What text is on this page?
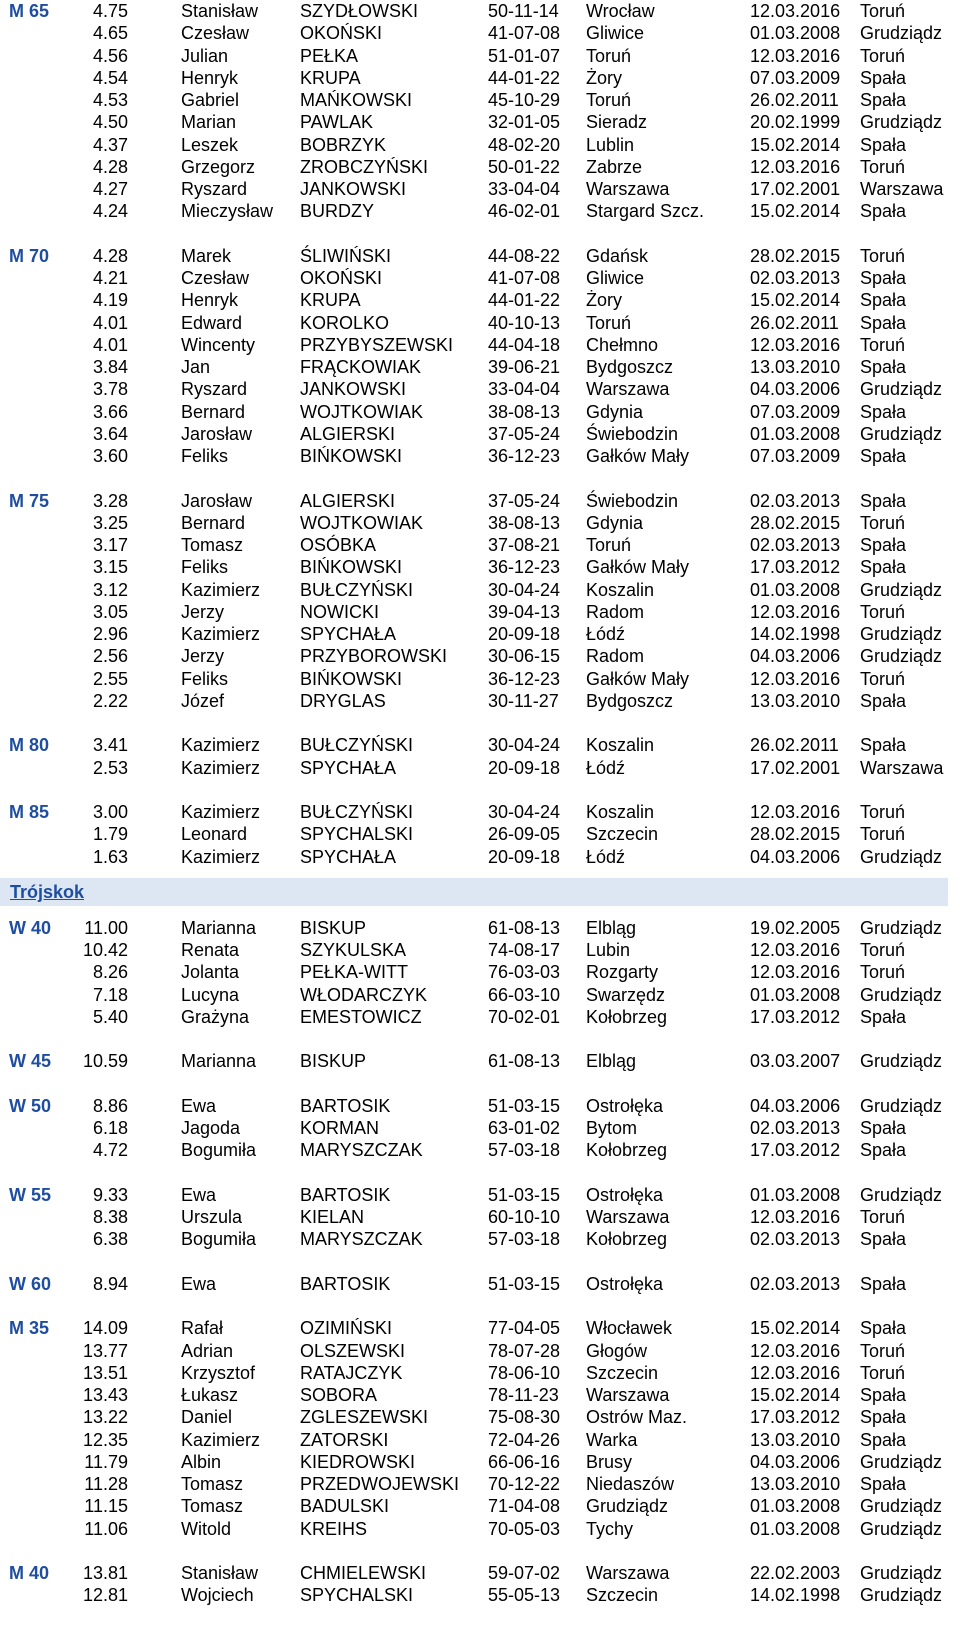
M 65	4.75	Stanisław SZYDŁOWSKI	50-11-14 Wrocław	12.03.2016 Toruń
4.65	Czesław	OKOŃSKI	41-07-08 Gliwice	01.03.2008 Grudziądz
4.56	Julian	PEŁKA	51-01-07 Toruń	12.03.2016 Toruń
4.54	Henryk	KRUPA	44-01-22 Żory	07.03.2009 Spała
4.53	Gabriel	MAŃKOWSKI	45-10-29 Toruń	26.02.2011 Spała
4.50	Marian	PAWLAK	32-01-05 Sieradz	20.02.1999 Grudziądz
4.37	Leszek	BOBRZYK	48-02-20 Lublin	15.02.2014 Spała
4.28	Grzegorz ZROBCZYŃSKI	50-01-22 Zabrze	12.03.2016 Toruń
4.27	Ryszard	JANKOWSKI	33-04-04 Warszawa	17.02.2001 Warszawa
4.24	Mieczysław BURDZY	46-02-01 Stargard Szcz.	15.02.2014 Spała
M 70	4.28	Marek	ŚLIWIŃSKI	44-08-22 Gdańsk	28.02.2015 Toruń
4.21	Czesław	OKOŃSKI	41-07-08 Gliwice	02.03.2013 Spała
4.19	Henryk	KRUPA	44-01-22 Żory	15.02.2014 Spała
4.01	Edward	KOROLKO	40-10-13 Toruń	26.02.2011 Spała
4.01	Wincenty PRZYBYSZEWSKI 44-04-18 Chełmno	12.03.2016 Toruń
3.84	Jan	FRĄCKOWIAK	39-06-21 Bydgoszcz	13.03.2010 Spała
3.78	Ryszard	JANKOWSKI	33-04-04 Warszawa	04.03.2006 Grudziądz
3.66	Bernard	WOJTKOWIAK	38-08-13 Gdynia	07.03.2009 Spała
3.64	Jarosław	ALGIERSKI	37-05-24 Świebodzin	01.03.2008 Grudziądz
3.60	Feliks	BIŃKOWSKI	36-12-23 Gałków Mały	07.03.2009 Spała
M 75	3.28	Jarosław	ALGIERSKI	37-05-24 Świebodzin	02.03.2013 Spała
3.25	Bernard	WOJTKOWIAK	38-08-13 Gdynia	28.02.2015 Toruń
3.17	Tomasz	OSÓBKA	37-08-21 Toruń	02.03.2013 Spała
3.15	Feliks	BIŃKOWSKI	36-12-23 Gałków Mały	17.03.2012 Spała
3.12	Kazimierz BUŁCZYŃSKI	30-04-24 Koszalin	01.03.2008 Grudziądz
3.05	Jerzy	NOWICKI	39-04-13 Radom	12.03.2016 Toruń
2.96	Kazimierz SPYCHAŁA	20-09-18 Łódź	14.02.1998 Grudziądz
2.56	Jerzy	PRZYBOROWSKI 30-06-15 Radom	04.03.2006 Grudziądz
2.55	Feliks	BIŃKOWSKI	36-12-23 Gałków Mały	12.03.2016 Toruń
2.22	Józef	DRYGLAS	30-11-27 Bydgoszcz	13.03.2010 Spała
M 80	3.41	Kazimierz BUŁCZYŃSKI	30-04-24 Koszalin	26.02.2011 Spała
2.53	Kazimierz SPYCHAŁA	20-09-18 Łódź	17.02.2001 Warszawa
M 85	3.00	Kazimierz BUŁCZYŃSKI	30-04-24 Koszalin	12.03.2016 Toruń
1.79	Leonard	SPYCHALSKI	26-09-05 Szczecin	28.02.2015 Toruń
1.63	Kazimierz SPYCHAŁA	20-09-18 Łódź	04.03.2006 Grudziądz
Trójskok
W 40	11.00	Marianna BISKUP	61-08-13 Elbląg	19.02.2005 Grudziądz
10.42	Renata	SZYKULSKA	74-08-17 Lubin	12.03.2016 Toruń
8.26	Jolanta	PEŁKA-WITT	76-03-03 Rozgarty	12.03.2016 Toruń
7.18	Lucyna	WŁODARCZYK	66-03-10 Swarzędz	01.03.2008 Grudziądz
5.40	Grażyna	EMESTOWICZ	70-02-01 Kołobrzeg	17.03.2012 Spała
W 45 10.59	Marianna BISKUP	61-08-13 Elbląg	03.03.2007 Grudziądz
W 50	8.86	Ewa	BARTOSIK	51-03-15 Ostrołęka	04.03.2006 Grudziądz
6.18	Jagoda	KORMAN	63-01-02 Bytom	02.03.2013 Spała
4.72	Bogumiła MARYSZCZAK	57-03-18 Kołobrzeg	17.03.2012 Spała
W 55	9.33	Ewa	BARTOSIK	51-03-15 Ostrołęka	01.03.2008 Grudziądz
8.38	Urszula	KIELAN	60-10-10 Warszawa	12.03.2016 Toruń
6.38	Bogumiła MARYSZCZAK	57-03-18 Kołobrzeg	02.03.2013 Spała
W 60	8.94	Ewa	BARTOSIK	51-03-15 Ostrołęka	02.03.2013 Spała
M 35 14.09	Rafał	OZIMIŃSKI	77-04-05 Włocławek	15.02.2014 Spała
13.77	Adrian	OLSZEWSKI	78-07-28 Głogów	12.03.2016 Toruń
13.51	Krzysztof RATAJCZYK	78-06-10 Szczecin	12.03.2016 Toruń
13.43	Łukasz	SOBORA	78-11-23 Warszawa	15.02.2014 Spała
13.22	Daniel	ZGLESZEWSKI	75-08-30 Ostrów Maz.	17.03.2012 Spała
12.35	Kazimierz ZATORSKI	72-04-26 Warka	13.03.2010 Spała
11.79	Albin	KIEDROWSKI	66-06-16 Brusy	04.03.2006 Grudziądz
11.28	Tomasz	PRZEDWOJEWSKI 70-12-22 Niedaszów	13.03.2010 Spała
11.15	Tomasz	BADULSKI	71-04-08 Grudziądz	01.03.2008 Grudziądz
11.06	Witold	KREIHS	70-05-03 Tychy	01.03.2008 Grudziądz
M 40 13.81	Stanisław CHMIELEWSKI	59-07-02 Warszawa	22.02.2003 Grudziądz
12.81	Wojciech	SPYCHALSKI	55-05-13 Szczecin	14.02.1998 Grudziądz
